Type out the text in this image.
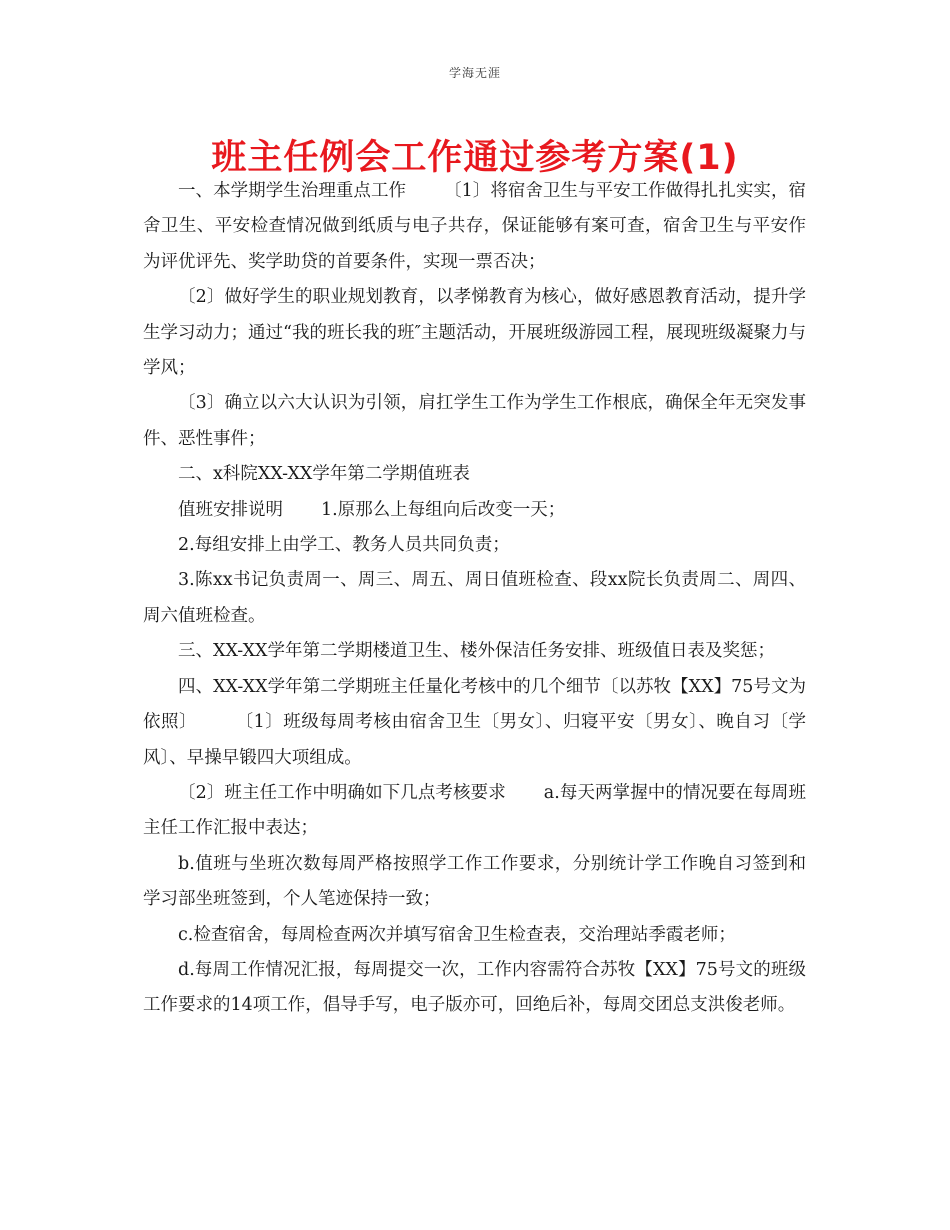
学海无涯
班主任例会工作通过参考方案(1)

一、本学期学生治理重点工作 〔1〕将宿舍卫生与平安工作做得扎扎实实，宿舍卫生、平安检查情况做到纸质与电子共存，保证能够有案可查，宿舍卫生与平安作为评优评先、奖学助贷的首要条件，实现一票否决；

〔2〕做好学生的职业规划教育，以孝悌教育为核心，做好感恩教育活动，提升学生学习动力；通过“我的班长我的班″主题活动，开展班级游园工程，展现班级凝聚力与学风；

〔3〕确立以六大认识为引领，肩扛学生工作为学生工作根底，确保全年无突发事件、恶性事件；

二、x科院XX-XX学年第二学期值班表

值班安排说明 1.原那么上每组向后改变一天；

2.每组安排上由学工、教务人员共同负责；

3.陈xx书记负责周一、周三、周五、周日值班检查、段xx院长负责周二、周四、周六值班检查。

三、XX-XX学年第二学期楼道卫生、楼外保洁任务安排、班级值日表及奖惩；

四、XX-XX学年第二学期班主任量化考核中的几个细节〔以苏牧【XX】75号文为依照〕 〔1〕班级每周考核由宿舍卫生〔男女〕、归寝平安〔男女〕、晚自习〔学风〕、早操早锻四大项组成。

〔2〕班主任工作中明确如下几点考核要求 a.每天两掌握中的情况要在每周班主任工作汇报中表达；

b.值班与坐班次数每周严格按照学工作工作要求，分别统计学工作晚自习签到和学习部坐班签到，个人笔迹保持一致；

c.检查宿舍，每周检查两次并填写宿舍卫生检查表，交治理站季霞老师；

d.每周工作情况汇报，每周提交一次，工作内容需符合苏牧【XX】75号文的班级工作要求的14项工作，倡导手写，电子版亦可，回绝后补，每周交团总支洪俊老师。
